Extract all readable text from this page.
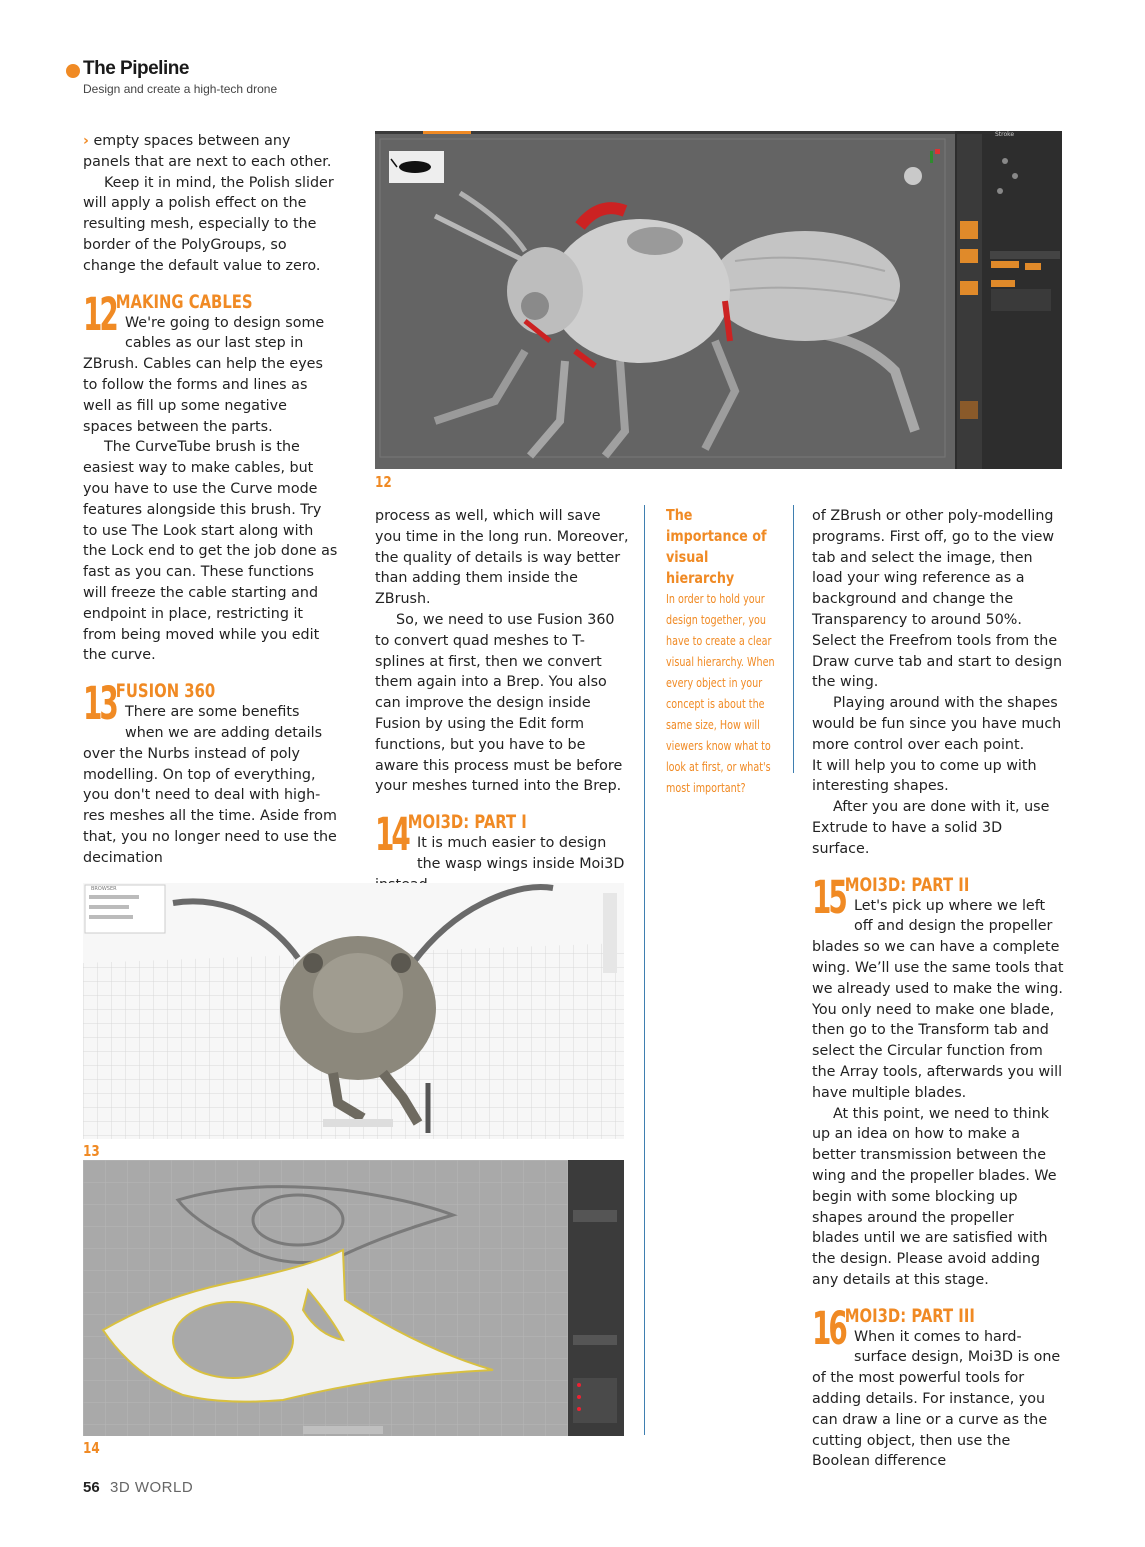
The Pipeline
Design and create a high-tech drone

› empty spaces between any panels that are next to each other.

Keep it in mind, the Polish slider will apply a polish effect on the resulting mesh, especially to the border of the PolyGroups, so change the default value to zero.

12 MAKING CABLES
We're going to design some cables as our last step in ZBrush. Cables can help the eyes to follow the forms and lines as well as fill up some negative spaces between the parts.

The CurveTube brush is the easiest way to make cables, but you have to use the Curve mode features alongside this brush. Try to use The Look start along with the Lock end to get the job done as fast as you can. These functions will freeze the cable starting and endpoint in place, restricting it from being moved while you edit the curve.

13 FUSION 360
There are some benefits when we are adding details over the Nurbs instead of poly modelling. On top of everything, you don't need to deal with high-res meshes all the time. Aside from that, you no longer need to use the decimation
Stroke
12

process as well, which will save you time in the long run. Moreover, the quality of details is way better than adding them inside the ZBrush.

So, we need to use Fusion 360 to convert quad meshes to T-splines at first, then we convert them again into a Brep. You also can improve the design inside Fusion by using the Edit form functions, but you have to be aware this process must be before your meshes turned into the Brep.

14 MOI3D: PART I
It is much easier to design the wasp wings inside Moi3D
The importance of visual hierarchy
In order to hold your design together, you have to create a clear visual hierarchy. When every object in your concept is about the same size, How will viewers know what to look at first, or what's most important?

of ZBrush or other poly-modelling programs. First off, go to the view tab and select the image, then load your wing reference as a background and change the Transparency to around 50%. Select the Freefrom tools from the Draw curve tab and start to design the wing.

Playing around with the shapes would be fun since you have much more control over each point.

It will help you to come up with interesting shapes.

After you are done with it, use Extrude to have a solid 3D surface.

15 MOI3D: PART II
Let's pick up where we left off and design the propeller blades so we can have a complete wing. We’ll use the same tools that we already used to make the wing. You only need to make one blade, then go to the Transform tab and select the Circular function from the Array tools, afterwards you will have multiple blades.

At this point, we need to think up an idea on how to make a better transmission between the wing and the propeller blades. We begin with some blocking up shapes around the propeller blades until we are satisfied with the design. Please avoid adding any details at this stage.

16 MOI3D: PART III
When it comes to hard-surface design, Moi3D is one of the most powerful tools for adding details. For instance, you can draw a line or a curve as the cutting object, then use the Boolean difference
BROWSER
13
14
56 3D WORLD
